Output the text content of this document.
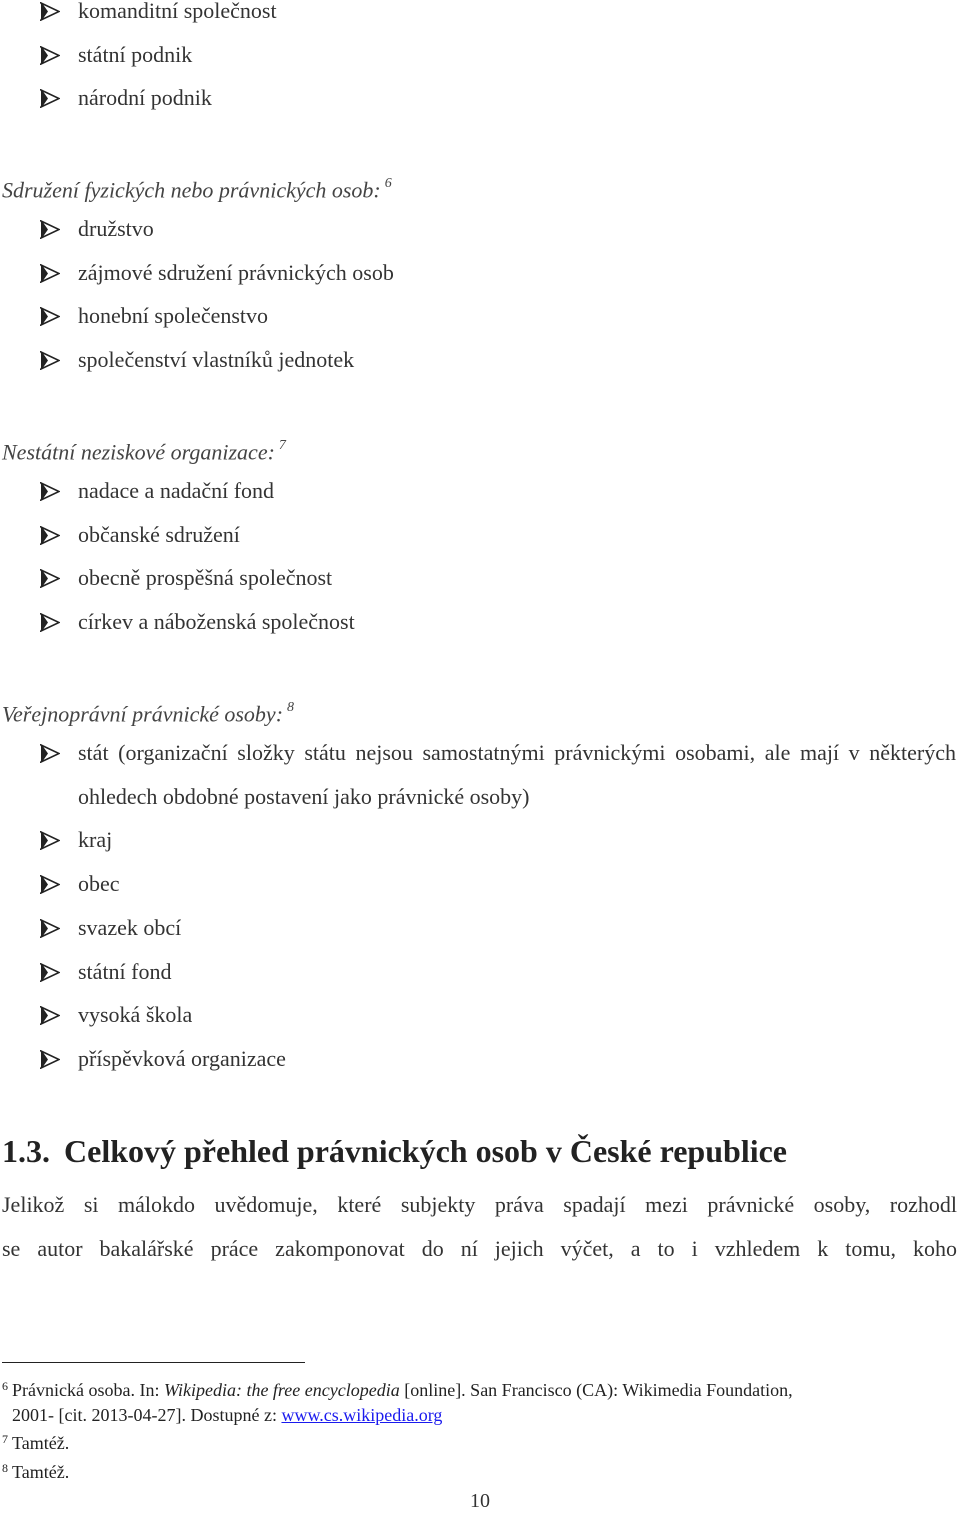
komanditní společnost
státní podnik
národní podnik
Sdružení fyzických nebo právnických osob: $^6$
družstvo
zájmové sdružení právnických osob
honební společenstvo
společenství vlastníků jednotek
Nestátní neziskové organizace: $^7$
nadace a nadační fond
občanské sdružení
obecně prospěšná společnost
církev a náboženská společnost
Veřejnoprávní právnické osoby: $^8$
stát (organizační složky státu nejsou samostatnými právnickými osobami, ale mají v některých ohledech obdobné postavení jako právnické osoby)
kraj
obec
svazek obcí
státní fond
vysoká škola
příspěvková organizace
1.3. Celkový přehled právnických osob v České republice

Jelikož si málokdo uvědomuje, které subjekty práva spadají mezi právnické osoby, rozhodl
se autor bakalářské práce zakomponovat do ní jejich výčet, a to i vzhledem k tomu, koho

$^6$ Právnická osoba. In: Wikipedia: the free encyclopedia [online]. San Francisco (CA): Wikimedia Foundation,
2001- [cit. 2013-04-27]. Dostupné z: www.cs.wikipedia.org
$^7$ Tamtéž.
$^8$ Tamtéž.
10
